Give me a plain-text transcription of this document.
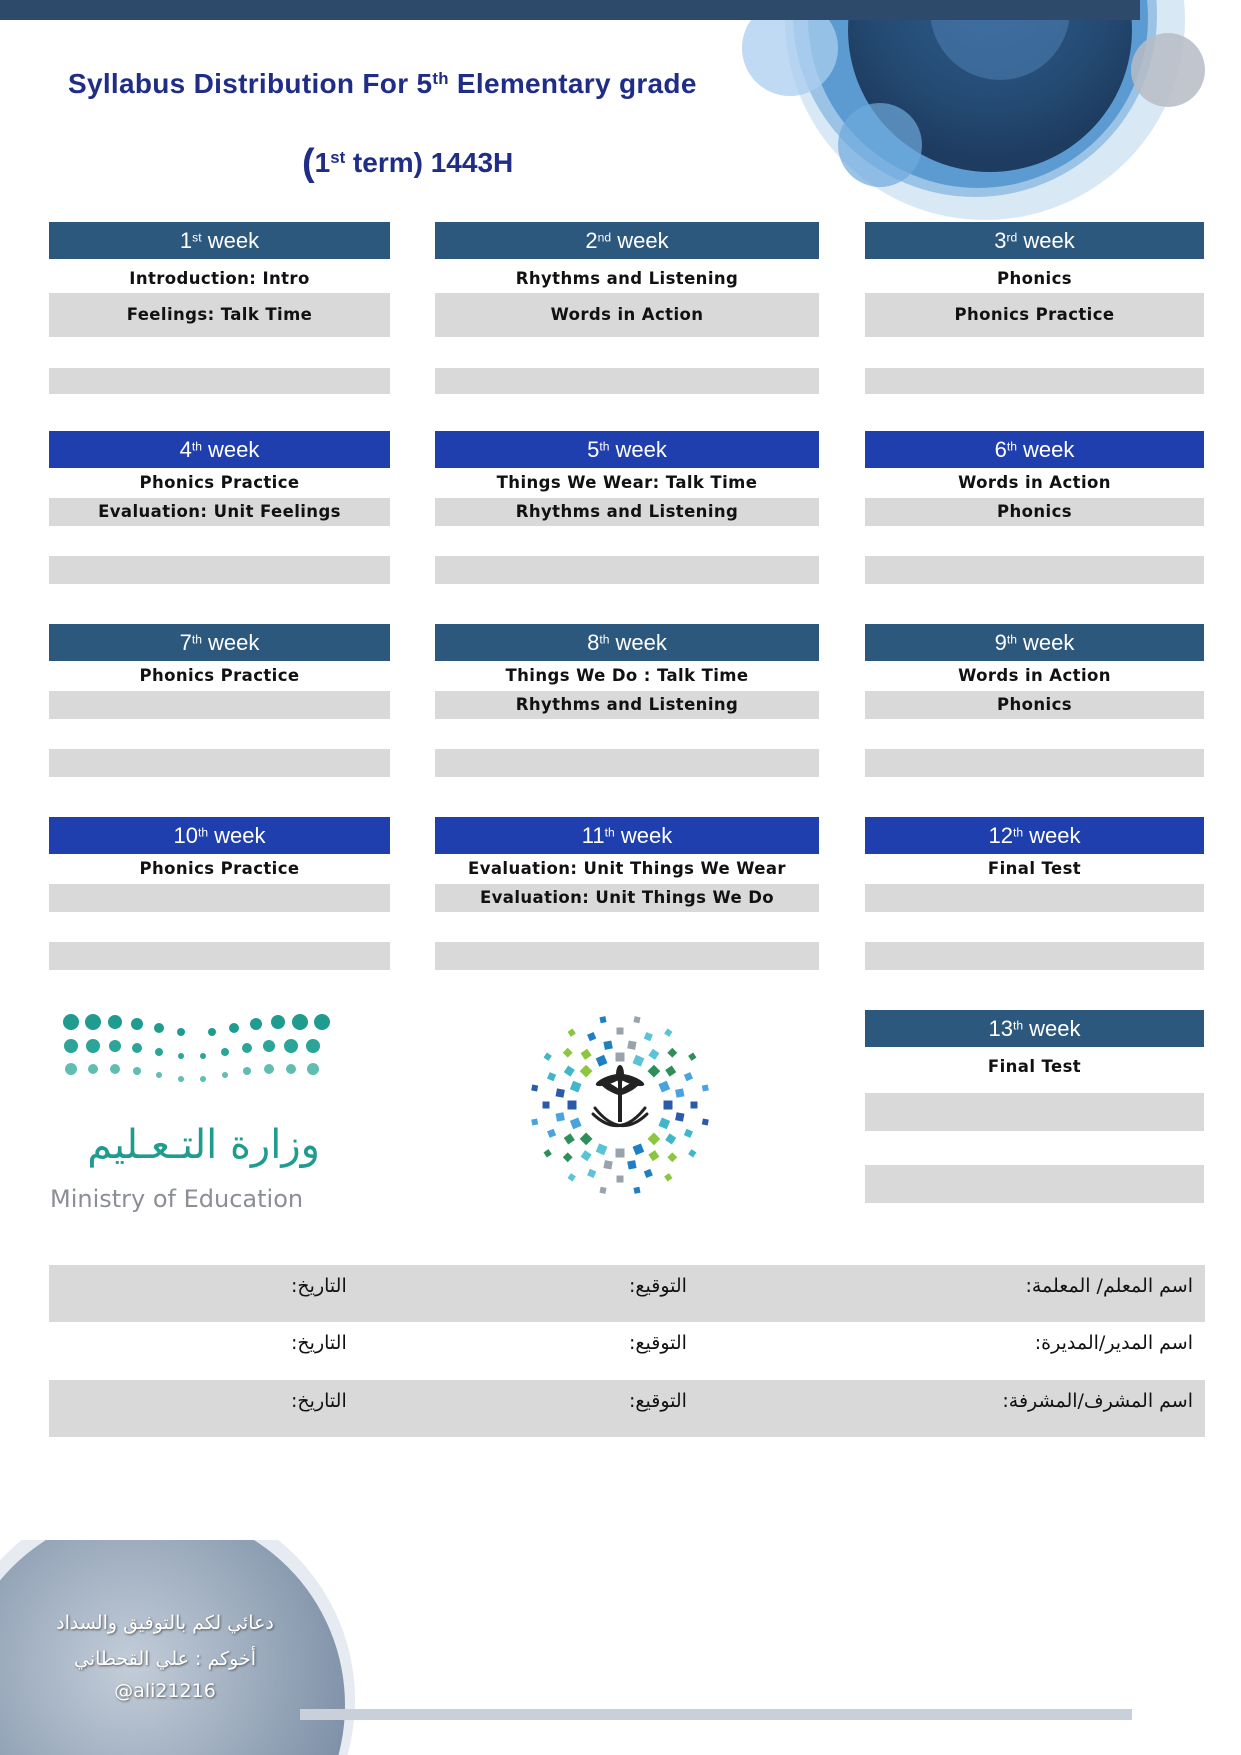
Syllabus Distribution For 5th Elementary grade
(1st term) 1443H
1st week
Introduction: Intro
Feelings: Talk Time
2nd week
Rhythms and Listening
Words in Action
3rd week
Phonics
Phonics Practice
4th week
Phonics Practice
Evaluation: Unit Feelings
5th week
Things We Wear: Talk Time
Rhythms and Listening
6th week
Words in Action
Phonics
7th week
Phonics Practice
8th week
Things We Do : Talk Time
Rhythms and Listening
9th week
Words in Action
Phonics
10th week
Phonics Practice
11th week
Evaluation: Unit Things We Wear
Evaluation: Unit Things We Do
12th week
Final Test
13th week
Final Test
وزارة التـعـليم
Ministry of Education
اسم المعلم/ المعلمة:
التوقيع:
التاريخ:
اسم المدير/المديرة:
التوقيع:
التاريخ:
اسم المشرف/المشرفة:
التوقيع:
التاريخ:
دعائي لكم بالتوفيق والسداد
أخوكم : علي القحطاني
@ali21216
